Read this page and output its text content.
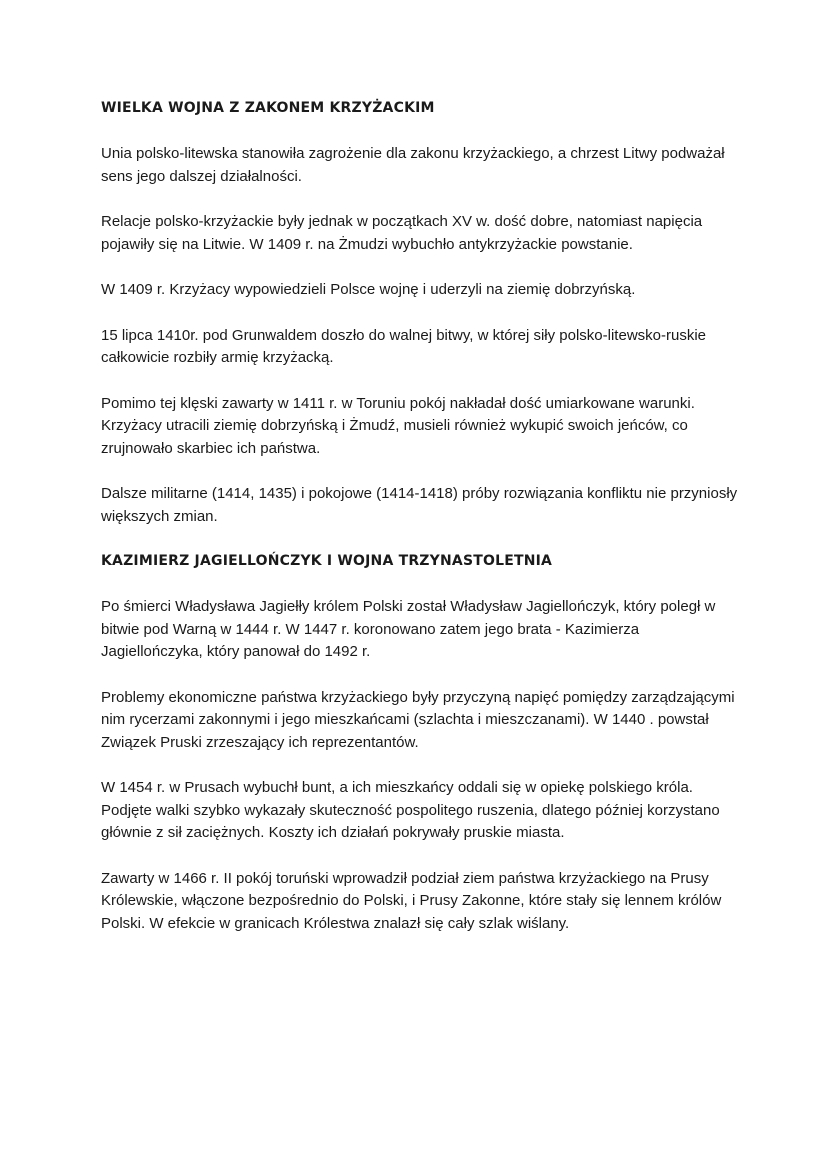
WIELKA WOJNA Z ZAKONEM KRZYŻACKIM

Unia polsko-litewska stanowiła zagrożenie dla zakonu krzyżackiego, a chrzest Litwy podważał sens jego dalszej działalności.

Relacje polsko-krzyżackie były jednak w początkach XV w. dość dobre, natomiast napięcia pojawiły się na Litwie. W 1409 r. na Żmudzi wybuchło antykrzyżackie powstanie.

W 1409 r. Krzyżacy wypowiedzieli Polsce wojnę i uderzyli na ziemię dobrzyńską.

15 lipca 1410r. pod Grunwaldem doszło do walnej bitwy, w której siły polsko-litewsko-ruskie całkowicie rozbiły armię krzyżacką.

Pomimo tej klęski zawarty w 1411 r. w Toruniu pokój nakładał dość umiarkowane warunki. Krzyżacy utracili ziemię dobrzyńską i Żmudź, musieli również wykupić swoich jeńców, co zrujnowało skarbiec ich państwa.

Dalsze militarne (1414, 1435) i pokojowe (1414-1418) próby rozwiązania konfliktu nie przyniosły większych zmian.

KAZIMIERZ JAGIELLOŃCZYK I WOJNA TRZYNASTOLETNIA

Po śmierci Władysława Jagiełły królem Polski został Władysław Jagiellończyk, który poległ w bitwie pod Warną w 1444 r. W 1447 r. koronowano zatem jego brata - Kazimierza Jagiellończyka, który panował do 1492 r.

Problemy ekonomiczne państwa krzyżackiego były przyczyną napięć pomiędzy zarządzającymi nim rycerzami zakonnymi i jego mieszkańcami (szlachta i mieszczanami). W 1440 . powstał Związek Pruski zrzeszający ich reprezentantów.

W 1454 r. w Prusach wybuchł bunt, a ich mieszkańcy oddali się w opiekę polskiego króla. Podjęte walki szybko wykazały skuteczność pospolitego ruszenia, dlatego później korzystano głównie z sił zaciężnych. Koszty ich działań pokrywały pruskie miasta.

Zawarty w 1466 r. II pokój toruński wprowadził podział ziem państwa krzyżackiego na Prusy Królewskie, włączone bezpośrednio do Polski, i Prusy Zakonne, które stały się lennem królów Polski. W efekcie w granicach Królestwa znalazł się cały szlak wiślany.
